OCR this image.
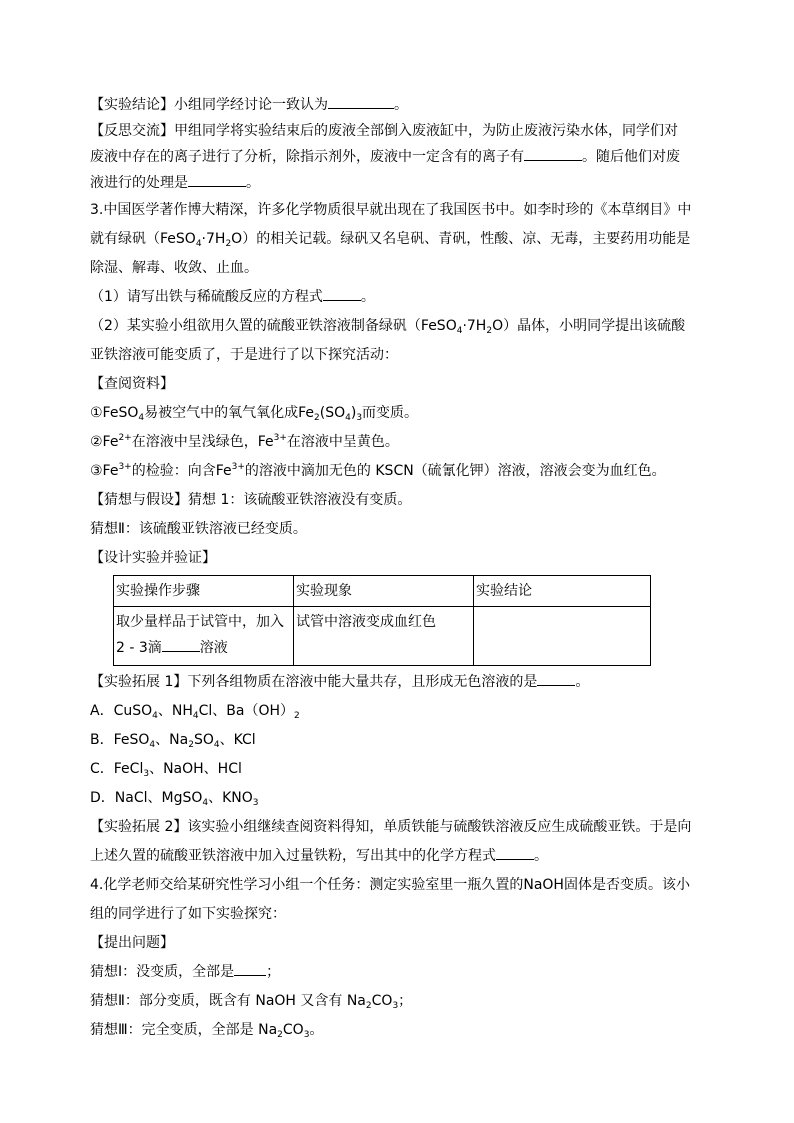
【实验结论】小组同学经讨论一致认为	。
【反思交流】甲组同学将实验结束后的废液全部倒入废液缸中，为防止废液污染水体，同学们对
废液中存在的离子进行了分析，除指示剂外，废液中一定含有的离子有	。随后他们对废
液进行的处理是	。
3.中国医学著作博大精深，许多化学物质很早就出现在了我国医书中。如李时珍的《本草纲目》中
就有绿矾$(FeSO_4\cdot 7H_2O)$的相关记载。绿矾又名皂矾、青矾，性酸、凉、无毒，主要药用功能是
除湿、解毒、收敛、止血。
（1）请写出铁与稀硫酸反应的方程式	。
（2）某实验小组欲用久置的硫酸亚铁溶液制备绿矾$(FeSO_4\cdot 7H_2O)$晶体，小明同学提出该硫酸
亚铁溶液可能变质了，于是进行了以下探究活动：
【查阅资料】
①FeSO$_4$易被空气中的氧气氧化成$Fe_2(SO_4)_3$而变质。
$②Fe^{2+}$在溶液中呈浅绿色，$Fe^{3+}$在溶液中呈黄色。
$③Fe^{3+}$的检验：向含$Fe^{3+}$的溶液中滴加无色的 KSCN（硫氰化钾）溶液，溶液会变为血红色。
【猜想与假设】猜想 1：该硫酸亚铁溶液没有变质。
猜想Ⅱ：该硫酸亚铁溶液已经变质。
【设计实验并验证】
实验操作步骤	实验现象	实验结论

取少量样品于试管中，加入
2 - 3滴 溶液	试管中溶液变成血红色	
【实验拓展 1】下列各组物质在溶液中能大量共存，且形成无色溶液的是	。
A．CuSO$_4$、$NH_4Cl$、$Ba(OH)_2$
B．FeSO$_4$、$Na_2SO_4$、KCl
C．FeCl$_3$、NaOH、HCl
D．NaCl、MgSO$_4$、$KNO_3$
【实验拓展 2】该实验小组继续查阅资料得知，单质铁能与硫酸铁溶液反应生成硫酸亚铁。于是向
上述久置的硫酸亚铁溶液中加入过量铁粉，写出其中的化学方程式	。
4.化学老师交给某研究性学习小组一个任务：测定实验室里一瓶久置的NaOH固体是否变质。该小
组的同学进行了如下实验探究：
【提出问题】
猜想Ⅰ：没变质，全部是 ；
猜想Ⅱ：部分变质，既含有 NaOH 又含有 $Na_2CO_3$；
猜想Ⅲ：完全变质，全部是 $Na_2CO_3$。
